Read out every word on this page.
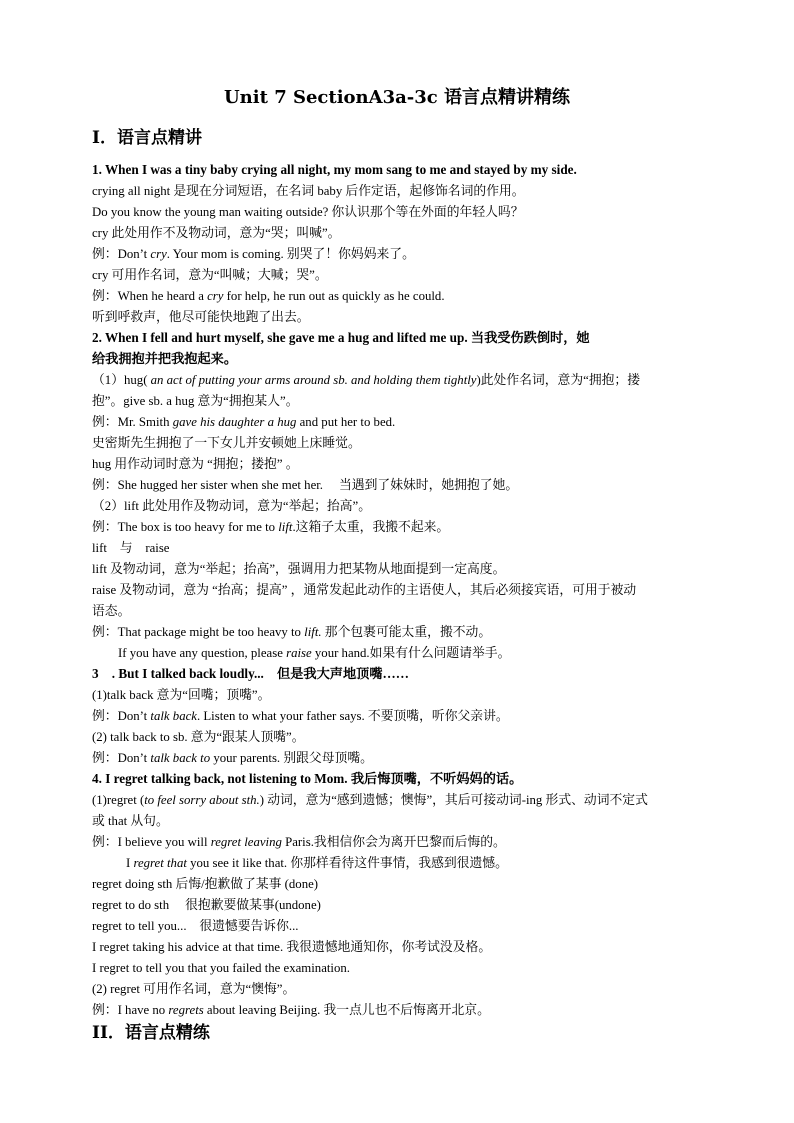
Unit 7 SectionA3a-3c 语言点精讲精练
I．语言点精讲
1. When I was a tiny baby crying all night, my mom sang to me and stayed by my side.
crying all night 是现在分词短语，在名词 baby 后作定语，起修饰名词的作用。
Do you know the young man waiting outside? 你认识那个等在外面的年轻人吗？
cry 此处用作不及物动词，意为“哭；叫喊”。
例：Don’t cry. Your mom is coming. 别哭了！你妈妈来了。
cry 可用作名词，意为“叫喊；大喊；哭”。
例：When he heard a cry for help, he run out as quickly as he could.
听到呼救声，他尽可能快地跑了出去。
2. When I fell and hurt myself, she gave me a hug and lifted me up. 当我受伤跌倒时，她
给我拥抱并把我抱起来。
（1）hug( an act of putting your arms around sb. and holding them tightly)此处作名词，意为“拥抱；搂
抱”。give sb. a hug 意为“拥抱某人”。
例：Mr. Smith gave his daughter a hug and put her to bed.
史密斯先生拥抱了一下女儿并安顿她上床睡觉。
hug 用作动词时意为 “拥抱；搂抱” 。
例：She hugged her sister when she met her.　 当遇到了妹妹时，她拥抱了她。
（2）lift 此处用作及物动词，意为“举起；抬高”。
例：The box is too heavy for me to lift.这箱子太重，我搬不起来。
lift　与　raise
lift 及物动词，意为“举起；抬高”，强调用力把某物从地面提到一定高度。
raise 及物动词，意为 “抬高；提高” ，通常发起此动作的主语使人，其后必须接宾语，可用于被动
语态。
例：That package might be too heavy to lift. 那个包裹可能太重，搬不动。
If you have any question, please raise your hand.如果有什么问题请举手。
3　. But I talked back loudly...　但是我大声地顶嘴……
(1)talk back 意为“回嘴；顶嘴”。
例：Don’t talk back. Listen to what your father says. 不要顶嘴，听你父亲讲。
(2) talk back to sb. 意为“跟某人顶嘴”。
例：Don’t talk back to your parents. 别跟父母顶嘴。
4. I regret talking back, not listening to Mom. 我后悔顶嘴，不听妈妈的话。
(1)regret (to feel sorry about sth.) 动词，意为“感到遗憾；懊悔”，其后可接动词-ing 形式、动词不定式
或 that 从句。
例：I believe you will regret leaving Paris.我相信你会为离开巴黎而后悔的。
I regret that you see it like that. 你那样看待这件事情，我感到很遗憾。
regret doing sth 后悔/抱歉做了某事 (done)
regret to do sth　 很抱歉要做某事(undone)
regret to tell you...　很遗憾要告诉你...
I regret taking his advice at that time. 我很遗憾地通知你，你考试没及格。
I regret to tell you that you failed the examination.
(2) regret 可用作名词，意为“懊悔”。
例：I have no regrets about leaving Beijing. 我一点儿也不后悔离开北京。
II．语言点精练
